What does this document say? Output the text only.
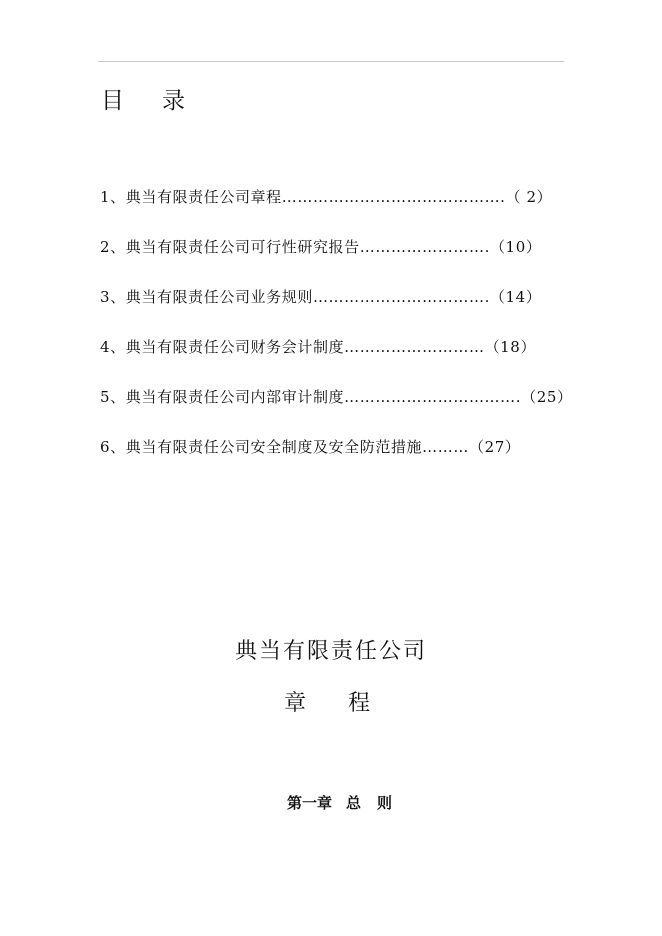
目 录
1、典当有限责任公司章程…………………………………….（ 2）
2、典当有限责任公司可行性研究报告…………………….（10）
3、典当有限责任公司业务规则…………………………….（14）
4、典当有限责任公司财务会计制度………………………（18）
5、典当有限责任公司内部审计制度…………………………….（25）
6、典当有限责任公司安全制度及安全防范措施………（27）
典当有限责任公司
章 程
第一章 总 则
